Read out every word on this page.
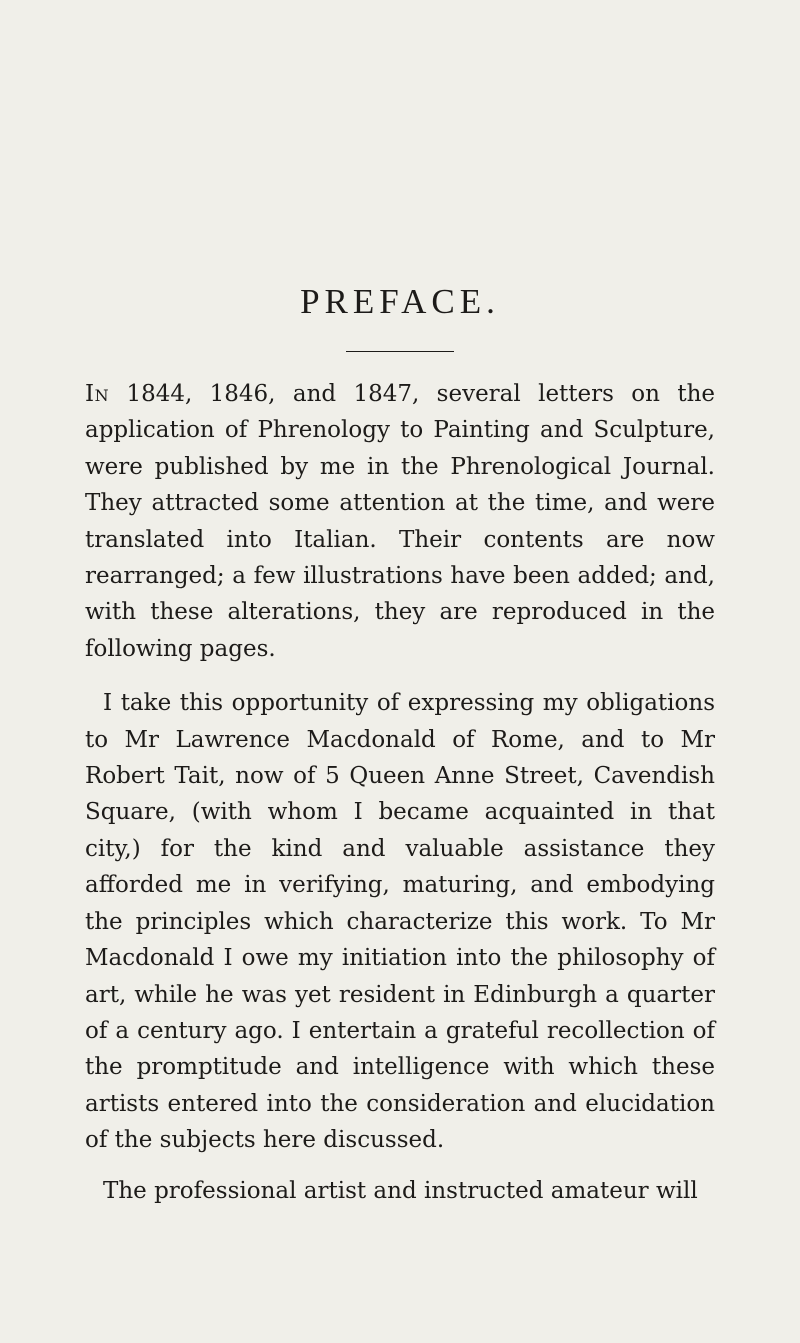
PREFACE.

In 1844, 1846, and 1847, several letters on the application of Phrenology to Painting and Sculpture, were published by me in the Phrenological Journal. They attracted some attention at the time, and were translated into Italian. Their contents are now rearranged; a few illustrations have been added; and, with these alterations, they are reproduced in the following pages.

I take this opportunity of expressing my obligations to Mr Lawrence Macdonald of Rome, and to Mr Robert Tait, now of 5 Queen Anne Street, Cavendish Square, (with whom I became acquainted in that city,) for the kind and valuable assistance they afforded me in verifying, maturing, and embodying the principles which characterize this work. To Mr Macdonald I owe my initiation into the philosophy of art, while he was yet resident in Edinburgh a quarter of a century ago. I entertain a grateful recollection of the promptitude and intelligence with which these artists entered into the consideration and elucidation of the subjects here discussed.

The professional artist and instructed amateur will
